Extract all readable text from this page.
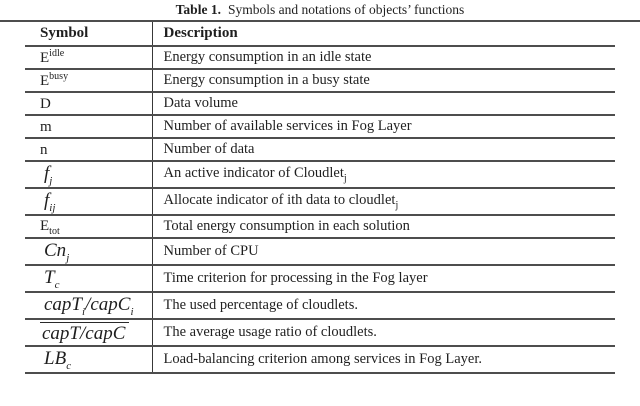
Table 1. Symbols and notations of objects’ functions
Symbol	Description
$E^{idle}$	Energy consumption in an idle state
$E^{busy}$	Energy consumption in a busy state
D	Data volume
m	Number of available services in Fog Layer
n	Number of data
$f_j$	An active indicator of Cloudlet$_j$
$f_{ij}$	Allocate indicator of ith data to cloudlet$_j$
$E_{tot}$	Total energy consumption in each solution
$Cn_j$	Number of CPU
$T_c$	Time criterion for processing in the Fog layer
capT$_i$/capC$_i$	The used percentage of cloudlets.
capT/capC	The average usage ratio of cloudlets.
$LB_c$	Load-balancing criterion among services in Fog Layer.
